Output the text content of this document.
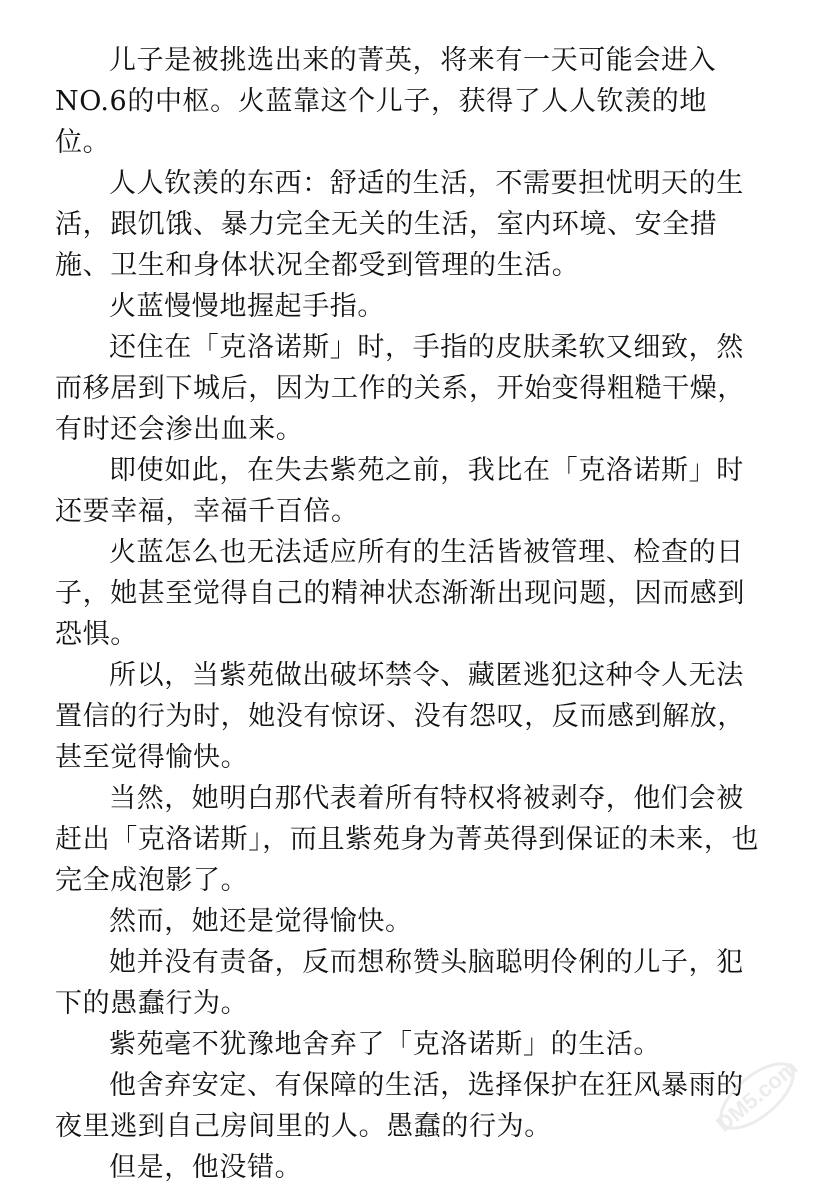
儿子是被挑选出来的菁英，将来有一天可能会进入NO.6的中枢。火蓝靠这个儿子，获得了人人钦羡的地位。

人人钦羡的东西：舒适的生活，不需要担忧明天的生活，跟饥饿、暴力完全无关的生活，室内环境、安全措施、卫生和身体状况全都受到管理的生活。

火蓝慢慢地握起手指。

还住在「克洛诺斯」时，手指的皮肤柔软又细致，然而移居到下城后，因为工作的关系，开始变得粗糙干燥，有时还会渗出血来。

即使如此，在失去紫苑之前，我比在「克洛诺斯」时还要幸福，幸福千百倍。

火蓝怎么也无法适应所有的生活皆被管理、检查的日子，她甚至觉得自己的精神状态渐渐出现问题，因而感到恐惧。

所以，当紫苑做出破坏禁令、藏匿逃犯这种令人无法置信的行为时，她没有惊讶、没有怨叹，反而感到解放，甚至觉得愉快。

当然，她明白那代表着所有特权将被剥夺，他们会被赶出「克洛诺斯」，而且紫苑身为菁英得到保证的未来，也完全成泡影了。

然而，她还是觉得愉快。

她并没有责备，反而想称赞头脑聪明伶俐的儿子，犯下的愚蠢行为。

紫苑毫不犹豫地舍弃了「克洛诺斯」的生活。

他舍弃安定、有保障的生活，选择保护在狂风暴雨的夜里逃到自己房间里的人。愚蠢的行为。

但是，他没错。

DM5.com
